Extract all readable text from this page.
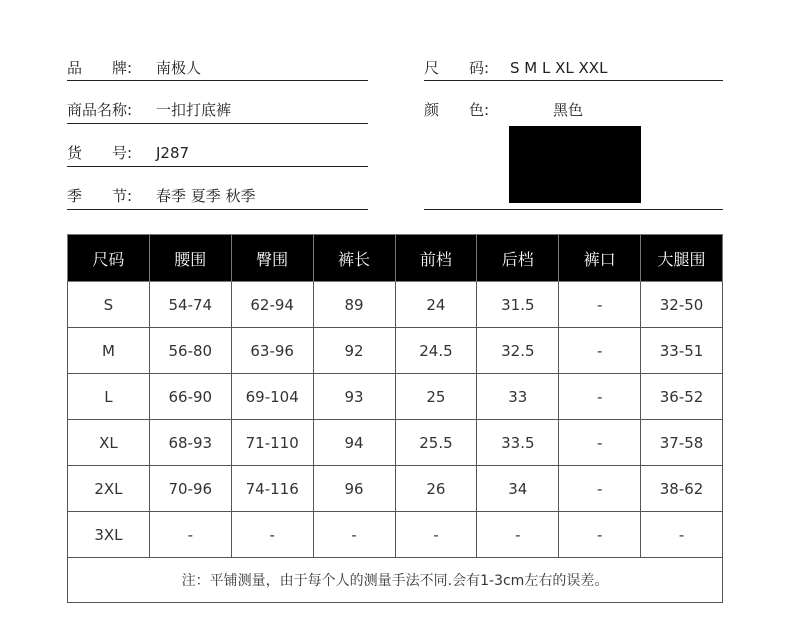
品　　牌: 南极人
商品名称: 一扣打底裤
货　　号: J287
季　　节: 春季 夏季 秋季
尺　　码: S M L XL XXL
颜　　色:	黑色
尺码	腰围	臀围	裤长	前档	后档	裤口	大腿围
S	54-74	62-94	89	24	31.5	-	32-50
M	56-80	63-96	92	24.5	32.5	-	33-51
L	66-90	69-104	93	25	33	-	36-52
XL	68-93	71-110	94	25.5	33.5	-	37-58
2XL	70-96	74-116	96	26	34	-	38-62
3XL	-	-	-	-	-	-	-
注：平铺测量，由于每个人的测量手法不同.会有1-3cm左右的误差。							
